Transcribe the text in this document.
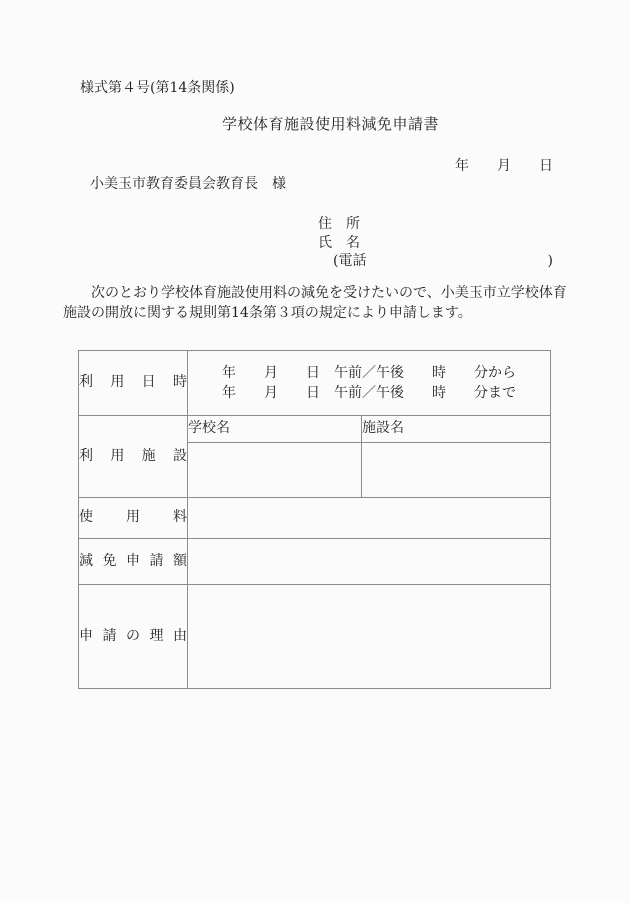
様式第４号(第14条関係)
学校体育施設使用料減免申請書
年　　月　　日
小美玉市教育委員会教育長　様
住　所
氏　名
(電話	)
　　次のとおり学校体育施設使用料の減免を受けたいので、小美玉市立学校体育
施設の開放に関する規則第14条第３項の規定により申請します。
利用日時	年　　月　　日　午前／午後　　時　　分から
年　　月　　日　午前／午後　　時　　分まで	

利用施設	学校名	施設名

使用料		
減免申請額		
申請の理由		
